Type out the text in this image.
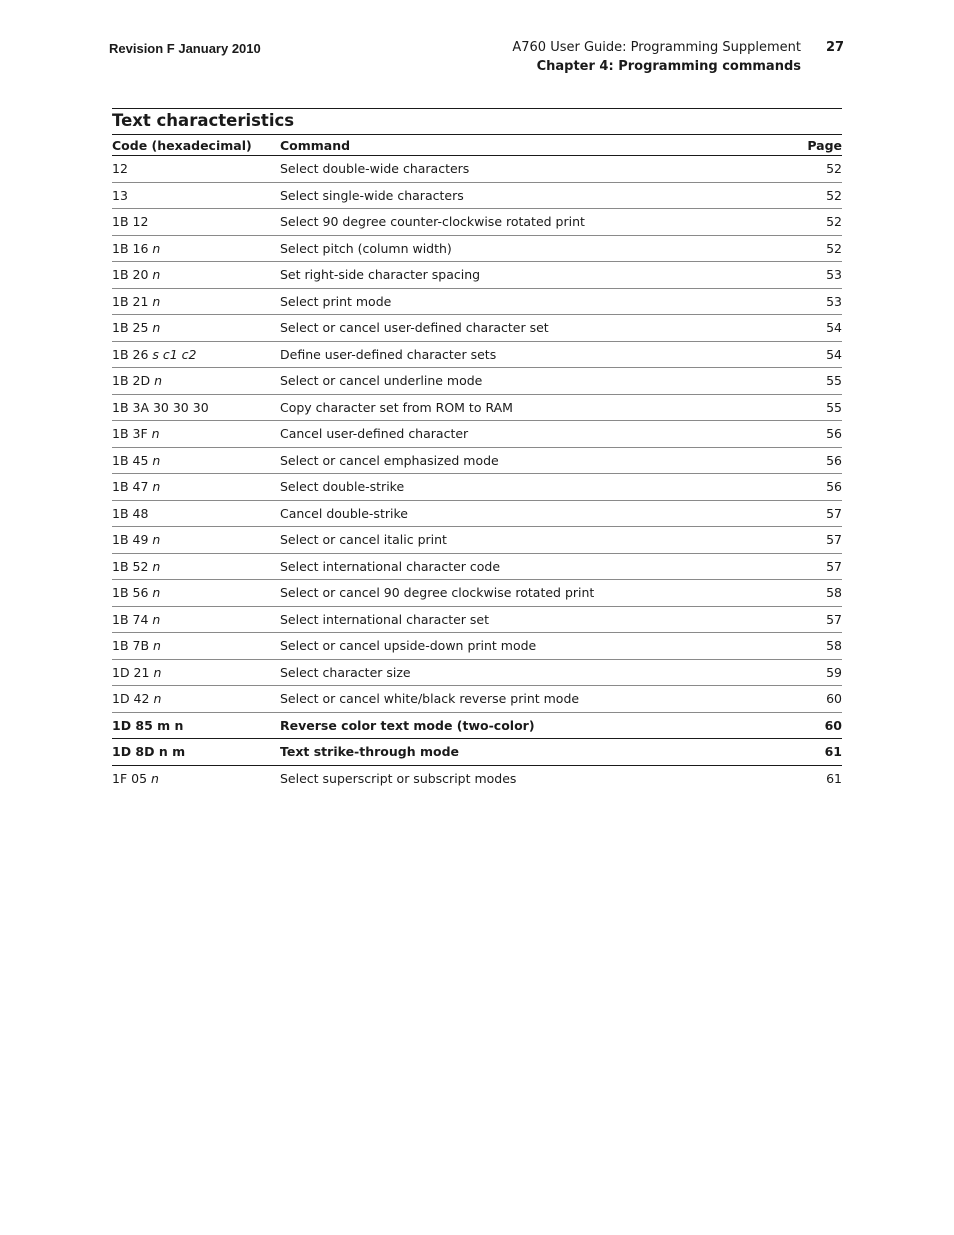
Revision F January 2010	A760 User Guide: Programming Supplement
Chapter 4: Programming commands
27
Text characteristics
Code (hexadecimal)	Command	Page
12	Select double-wide characters	52
13	Select single-wide characters	52
1B 12	Select 90 degree counter-clockwise rotated print	52
1B 16 n	Select pitch (column width)	52
1B 20 n	Set right-side character spacing	53
1B 21 n	Select print mode	53
1B 25 n	Select or cancel user-defined character set	54
1B 26 s c1 c2	Define user-defined character sets	54
1B 2D n	Select or cancel underline mode	55
1B 3A 30 30 30	Copy character set from ROM to RAM	55
1B 3F n	Cancel user-defined character	56
1B 45 n	Select or cancel emphasized mode	56
1B 47 n	Select double-strike	56
1B 48	Cancel double-strike	57
1B 49 n	Select or cancel italic print	57
1B 52 n	Select international character code	57
1B 56 n	Select or cancel 90 degree clockwise rotated print	58
1B 74 n	Select international character set	57
1B 7B n	Select or cancel upside-down print mode	58
1D 21 n	Select character size	59
1D 42 n	Select or cancel white/black reverse print mode	60
1D 85 m n	Reverse color text mode (two-color)	60
1D 8D n m	Text strike-through mode	61
1F 05 n	Select superscript or subscript modes	61
